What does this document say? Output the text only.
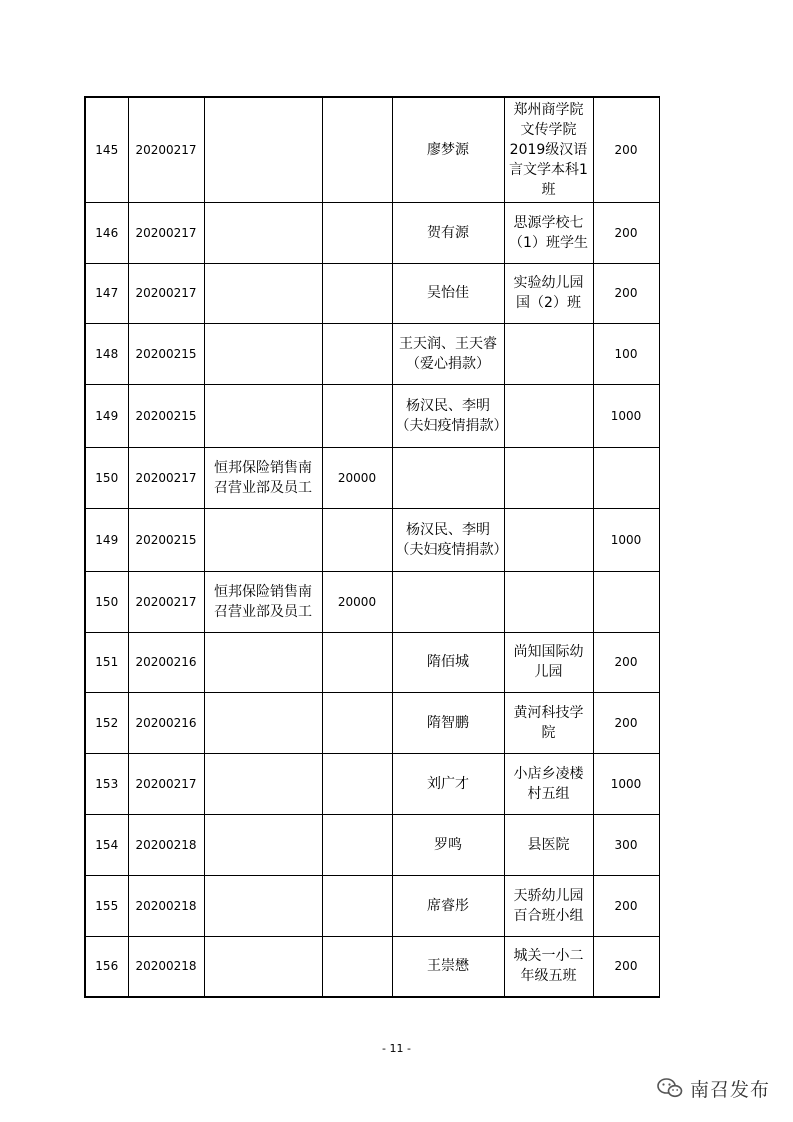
145	20200217			廖梦源	郑州商学院文传学院2019级汉语言文学本科1班	200
146	20200217			贺有源	思源学校七（1）班学生	200
147	20200217			吴怡佳	实验幼儿园国（2）班	200
148	20200215			王天润、王天睿（爱心捐款）		100
149	20200215			杨汉民、李明（夫妇疫情捐款）		1000
150	20200217	恒邦保险销售南召营业部及员工	20000			
149	20200215			杨汉民、李明（夫妇疫情捐款）		1000
150	20200217	恒邦保险销售南召营业部及员工	20000			
151	20200216			隋佰城	尚知国际幼儿园	200
152	20200216			隋智鹏	黄河科技学院	200
153	20200217			刘广才	小店乡凌楼村五组	1000
154	20200218			罗鸣	县医院	300
155	20200218			席睿彤	天骄幼儿园百合班小组	200
156	20200218			王崇懋	城关一小二年级五班	200
- 11 -
南召发布
